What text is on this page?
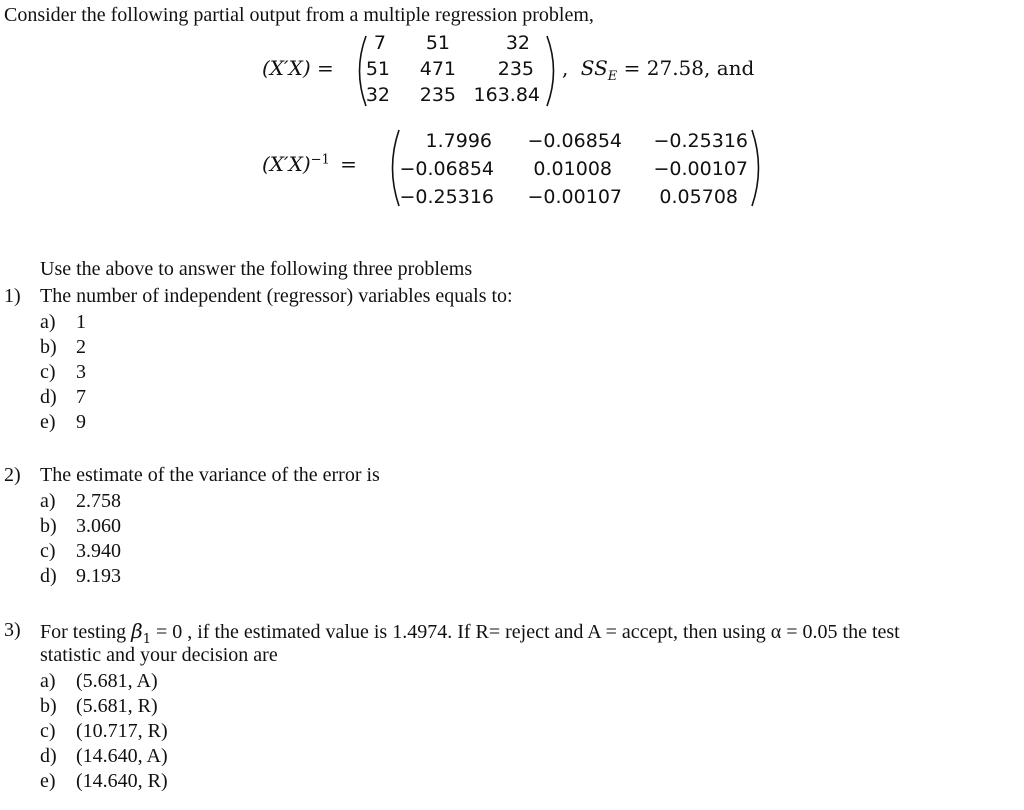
Consider the following partial output from a multiple regression problem,
(X′X) =
7	51	32
51	471	235
32	235 163.84
, $SS_E = 27.58$, and
$(X'X)^{-1}$ =
1.7996	−0.06854	−0.25316
−0.06854	0.01008	−0.00107
−0.25316	−0.00107	0.05708
Use the above to answer the following three problems
1) The number of independent (regressor) variables equals to:
a) 1
b) 2
c) 3
d) 7
e) 9
2) The estimate of the variance of the error is
a) 2.758
b) 3.060
c) 3.940
d) 9.193
3) For testing $\beta_1 = 0$ , if the estimated value is 1.4974. If R= reject and A = accept, then using α = 0.05 the test
statistic and your decision are
a) (5.681, A)
b) (5.681, R)
c) (10.717, R)
d) (14.640, A)
e) (14.640, R)
